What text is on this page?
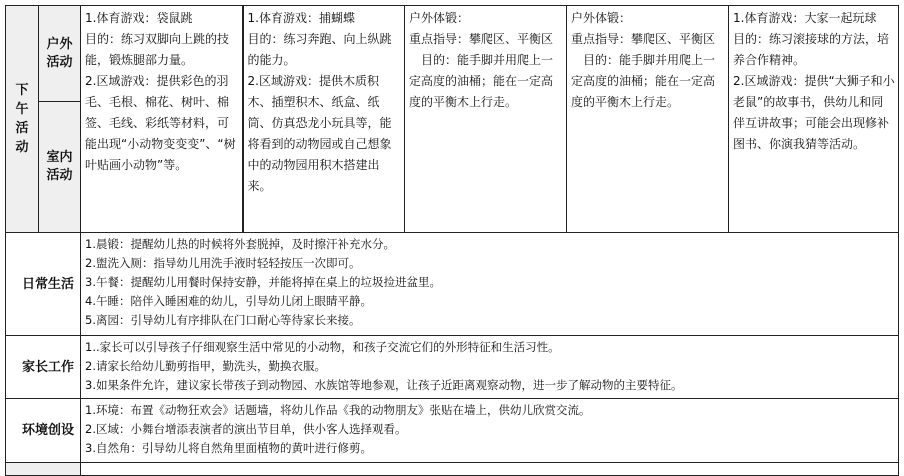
下午活动	户外活动	1.体育游戏：袋鼠跳
目的：练习双脚向上跳的技能，锻炼腿部力量。
2.区域游戏：提供彩色的羽毛、毛根、棉花、树叶、棉签、毛线、彩纸等材料，可能出现“小动物变变变”、“树叶贴画小动物”等。	1.体育游戏：捕蝴蝶
目的：练习奔跑、向上纵跳的能力。
2.区域游戏：提供木质积木、插塑积木、纸盒、纸筒、仿真恐龙小玩具等，能将看到的动物园或自己想象中的动物园用积木搭建出来。	户外体锻：
重点指导：攀爬区、平衡区
目的：能手脚并用爬上一定高度的油桶；能在一定高度的平衡木上行走。	户外体锻：
重点指导：攀爬区、平衡区
目的：能手脚并用爬上一定高度的油桶；能在一定高度的平衡木上行走。	1.体育游戏：大家一起玩球
目的：练习滚接球的方法，培养合作精神。
2.区域游戏：提供“大狮子和小老鼠”的故事书，供幼儿和同伴互讲故事；可能会出现修补图书、你演我猜等活动。

	室内活动					

日常生活		1.晨锻：提醒幼儿热的时候将外套脱掉，及时擦汗补充水分。
2.盥洗入厕：指导幼儿用洗手液时轻轻按压一次即可。
3.午餐：提醒幼儿用餐时保持安静，并能将掉在桌上的垃圾捡进盆里。
4.午睡：陪伴入睡困难的幼儿，引导幼儿闭上眼睛平静。
5.离园：引导幼儿有序排队在门口耐心等待家长来接。				

家长工作		1..家长可以引导孩子仔细观察生活中常见的小动物，和孩子交流它们的外形特征和生活习性。
2.请家长给幼儿勤剪指甲，勤洗头，勤换衣服。
3.如果条件允许，建议家长带孩子到动物园、水族馆等地参观，让孩子近距离观察动物，进一步了解动物的主要特征。				

环境创设		1.环境：布置《动物狂欢会》话题墙，将幼儿作品《我的动物朋友》张贴在墙上，供幼儿欣赏交流。
2.区域：小舞台增添表演者的演出节目单，供小客人选择观看。
3.自然角：引导幼儿将自然角里面植物的黄叶进行修剪。				
